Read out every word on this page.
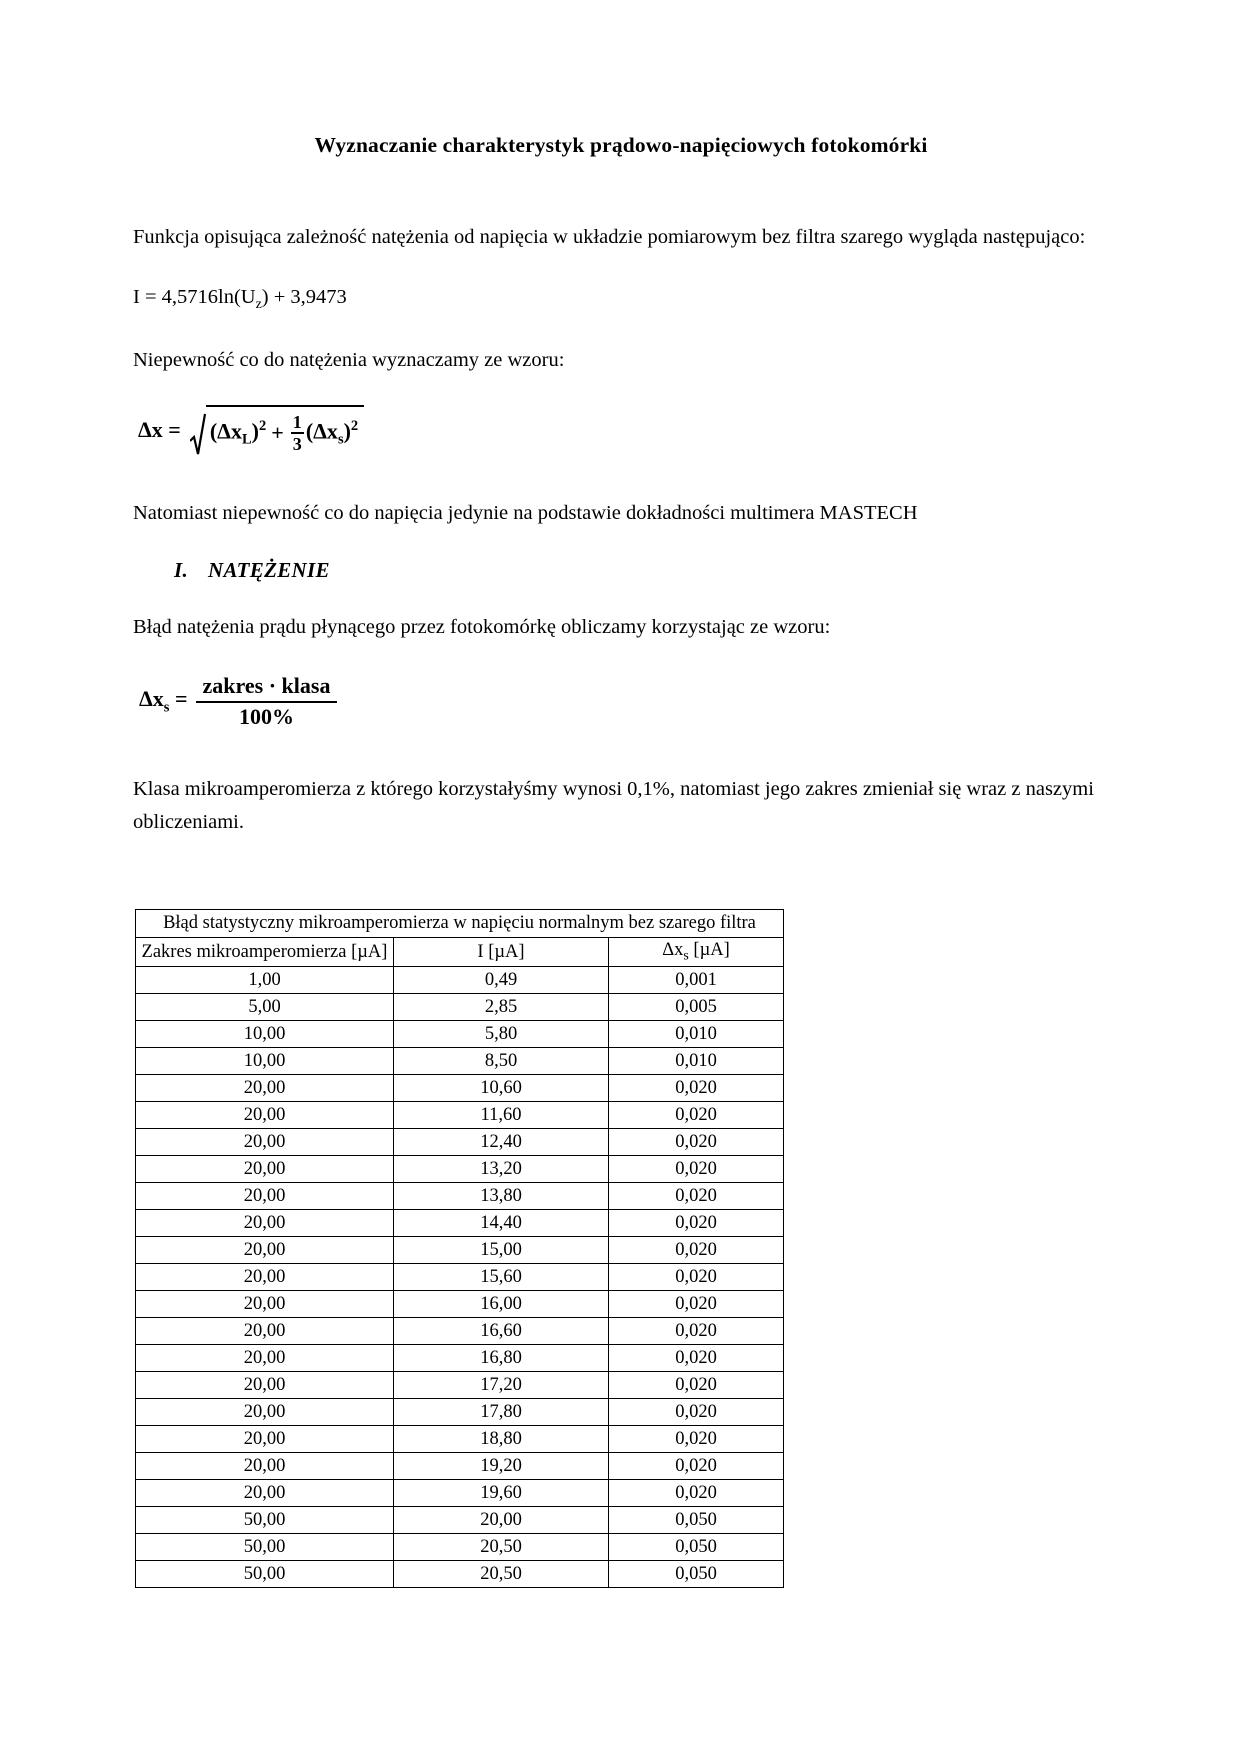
Wyznaczanie charakterystyk prądowo-napięciowych fotokomórki

Funkcja opisująca zależność natężenia od napięcia w układzie pomiarowym bez filtra szarego wygląda następująco:

$I = 4,5716\ln(U_z) + 3,9473$

Niepewność co do natężenia wyznaczamy ze wzoru:

$\Delta x = (\Delta x_L)^2 + \frac{1}{3} (\Delta x_s)^2$

Natomiast niepewność co do napięcia jedynie na podstawie dokładności multimera MASTECH

I. NATĘŻENIE

Błąd natężenia prądu płynącego przez fotokomórkę obliczamy korzystając ze wzoru:

$\Delta x_s = \frac{\text{zakres · klasa}}{100\%}$

Klasa mikroamperomierza z którego korzystałyśmy wynosi 0,1%, natomiast jego zakres zmieniał się wraz z naszymi obliczeniami.

Błąd statystyczny mikroamperomierza w napięciu normalnym bez szarego filtra		
Zakres mikroamperomierza [µA]	I [µA]	$\Delta x_s$ [µA]
1,00	0,49	0,001
5,00	2,85	0,005
10,00	5,80	0,010
10,00	8,50	0,010
20,00	10,60	0,020
20,00	11,60	0,020
20,00	12,40	0,020
20,00	13,20	0,020
20,00	13,80	0,020
20,00	14,40	0,020
20,00	15,00	0,020
20,00	15,60	0,020
20,00	16,00	0,020
20,00	16,60	0,020
20,00	16,80	0,020
20,00	17,20	0,020
20,00	17,80	0,020
20,00	18,80	0,020
20,00	19,20	0,020
20,00	19,60	0,020
50,00	20,00	0,050
50,00	20,50	0,050
50,00	20,50	0,050
